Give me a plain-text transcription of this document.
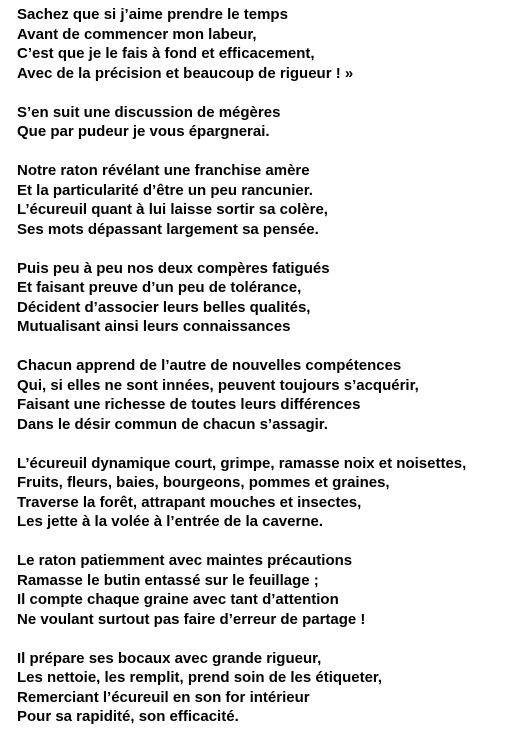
Sachez que si j’aime prendre le temps
Avant de commencer mon labeur,
C’est que je le fais à fond et efficacement,
Avec de la précision et beaucoup de rigueur ! »
S’en suit une discussion de mégères
Que par pudeur je vous épargnerai.
Notre raton révélant une franchise amère
Et la particularité d’être un peu rancunier.
L’écureuil quant à lui laisse sortir sa colère,
Ses mots dépassant largement sa pensée.
Puis peu à peu nos deux compères fatigués
Et faisant preuve d’un peu de tolérance,
Décident d’associer leurs belles qualités,
Mutualisant ainsi leurs connaissances
Chacun apprend de l’autre de nouvelles compétences
Qui, si elles ne sont innées, peuvent toujours s’acquérir,
Faisant une richesse de toutes leurs différences
Dans le désir commun de chacun s’assagir.
L’écureuil dynamique court, grimpe, ramasse noix et noisettes,
Fruits, fleurs, baies, bourgeons, pommes et graines,
Traverse la forêt, attrapant mouches et insectes,
Les jette à la volée à l’entrée de la caverne.
Le raton patiemment avec maintes précautions
Ramasse le butin entassé sur le feuillage ;
Il compte chaque graine avec tant d’attention
Ne voulant surtout pas faire d’erreur de partage !
Il prépare ses bocaux avec grande rigueur,
Les nettoie, les remplit, prend soin de les étiqueter,
Remerciant l’écureuil en son for intérieur
Pour sa rapidité, son efficacité.
